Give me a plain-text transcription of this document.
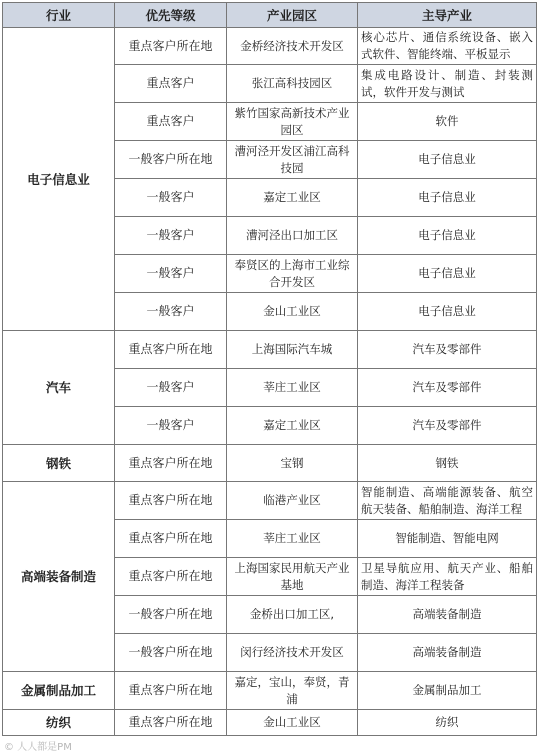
行业	优先等级	产业园区	主导产业
电子信息业	重点客户所在地	金桥经济技术开发区	核心芯片、通信系统设备、嵌入式软件、智能终端、平板显示
	重点客户	张江高科技园区	集成电路设计、制造、封装测试，软件开发与测试
	重点客户	紫竹国家高新技术产业园区	软件
	一般客户所在地	漕河泾开发区浦江高科技园	电子信息业
	一般客户	嘉定工业区	电子信息业
	一般客户	漕河泾出口加工区	电子信息业
	一般客户	奉贤区的上海市工业综合开发区	电子信息业
	一般客户	金山工业区	电子信息业
汽车	重点客户所在地	上海国际汽车城	汽车及零部件
	一般客户	莘庄工业区	汽车及零部件
	一般客户	嘉定工业区	汽车及零部件
钢铁	重点客户所在地	宝钢	钢铁
高端装备制造	重点客户所在地	临港产业区	智能制造、高端能源装备、航空航天装备、船舶制造、海洋工程
	重点客户所在地	莘庄工业区	智能制造、智能电网
	重点客户所在地	上海国家民用航天产业基地	卫星导航应用、航天产业、船舶制造、海洋工程装备
	一般客户所在地	金桥出口加工区,	高端装备制造
	一般客户所在地	闵行经济技术开发区	高端装备制造
金属制品加工	重点客户所在地	嘉定，宝山，奉贤，青浦	金属制品加工
纺织	重点客户所在地	金山工业区	纺织
© 人人都是PM
